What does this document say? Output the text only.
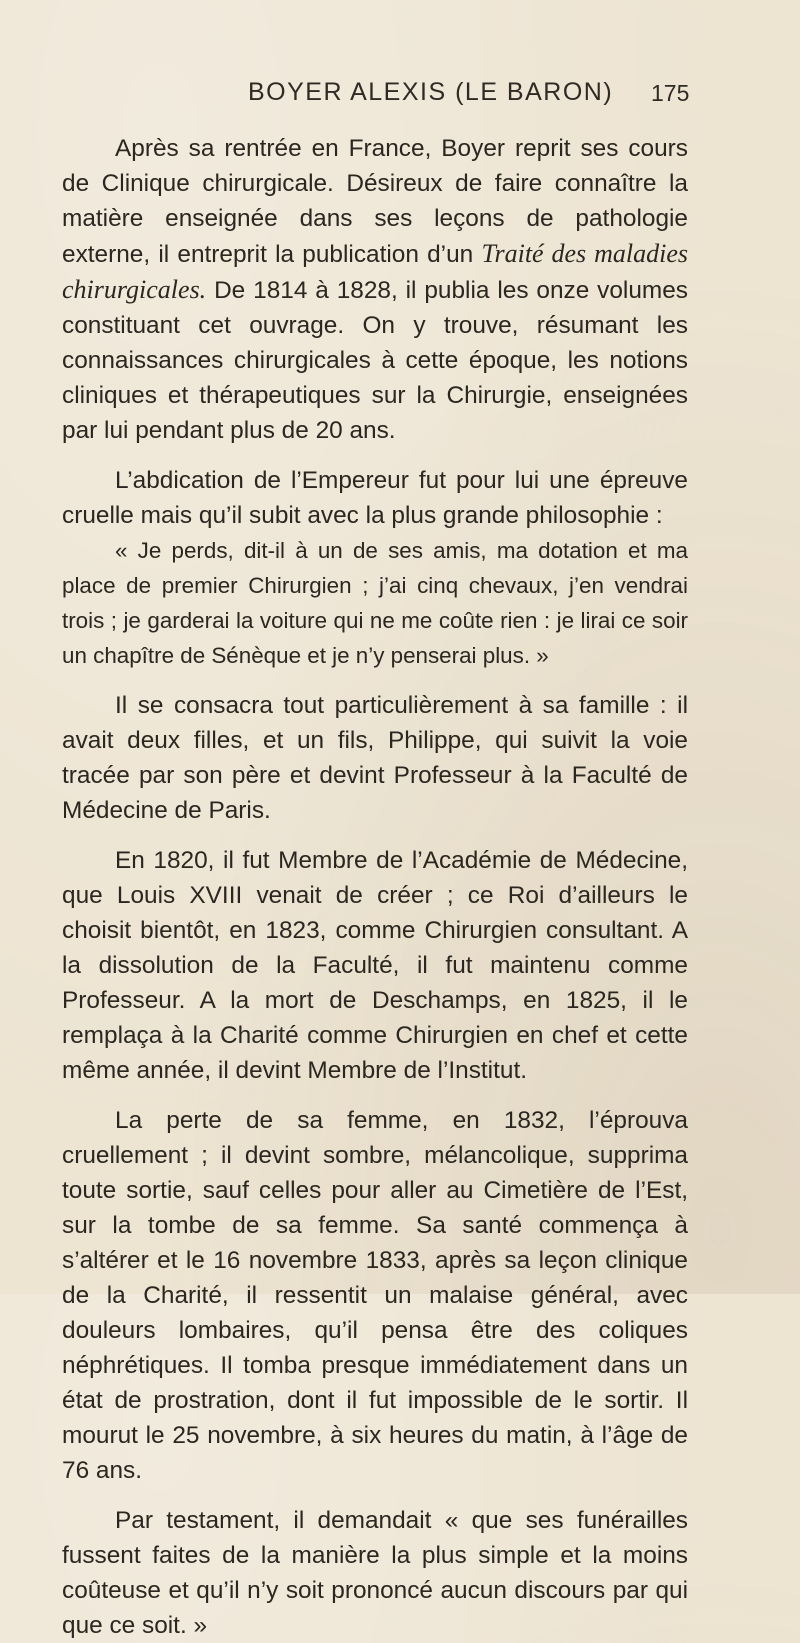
BOYER ALEXIS (LE BARON) 175

Après sa rentrée en France, Boyer reprit ses cours de Clinique chirurgicale. Désireux de faire connaître la matière enseignée dans ses leçons de pathologie externe, il entreprit la publication d’un Traité des maladies chirurgicales. De 1814 à 1828, il publia les onze volumes constituant cet ouvrage. On y trouve, résumant les connaissances chirurgicales à cette époque, les notions cliniques et thérapeutiques sur la Chirurgie, enseignées par lui pendant plus de 20 ans.

L’abdication de l’Empereur fut pour lui une épreuve cruelle mais qu’il subit avec la plus grande philosophie :

« Je perds, dit-il à un de ses amis, ma dotation et ma place de premier Chirurgien ; j’ai cinq chevaux, j’en vendrai trois ; je garderai la voiture qui ne me coûte rien : je lirai ce soir un chapître de Sénèque et je n’y penserai plus. »

Il se consacra tout particulièrement à sa famille : il avait deux filles, et un fils, Philippe, qui suivit la voie tracée par son père et devint Professeur à la Faculté de Médecine de Paris.

En 1820, il fut Membre de l’Académie de Médecine, que Louis XVIII venait de créer ; ce Roi d’ailleurs le choisit bientôt, en 1823, comme Chirurgien consultant. A la dissolution de la Faculté, il fut maintenu comme Professeur. A la mort de Deschamps, en 1825, il le remplaça à la Charité comme Chirurgien en chef et cette même année, il devint Membre de l’Institut.

La perte de sa femme, en 1832, l’éprouva cruellement ; il devint sombre, mélancolique, supprima toute sortie, sauf celles pour aller au Cimetière de l’Est, sur la tombe de sa femme. Sa santé commença à s’altérer et le 16 novembre 1833, après sa leçon clinique de la Charité, il ressentit un malaise général, avec douleurs lombaires, qu’il pensa être des coliques néphrétiques. Il tomba presque immédiatement dans un état de prostration, dont il fut impossible de le sortir. Il mourut le 25 novembre, à six heures du matin, à l’âge de 76 ans.

Par testament, il demandait « que ses funérailles fussent faites de la manière la plus simple et la moins coûteuse et qu’il n’y soit prononcé aucun discours par qui que ce soit. »
